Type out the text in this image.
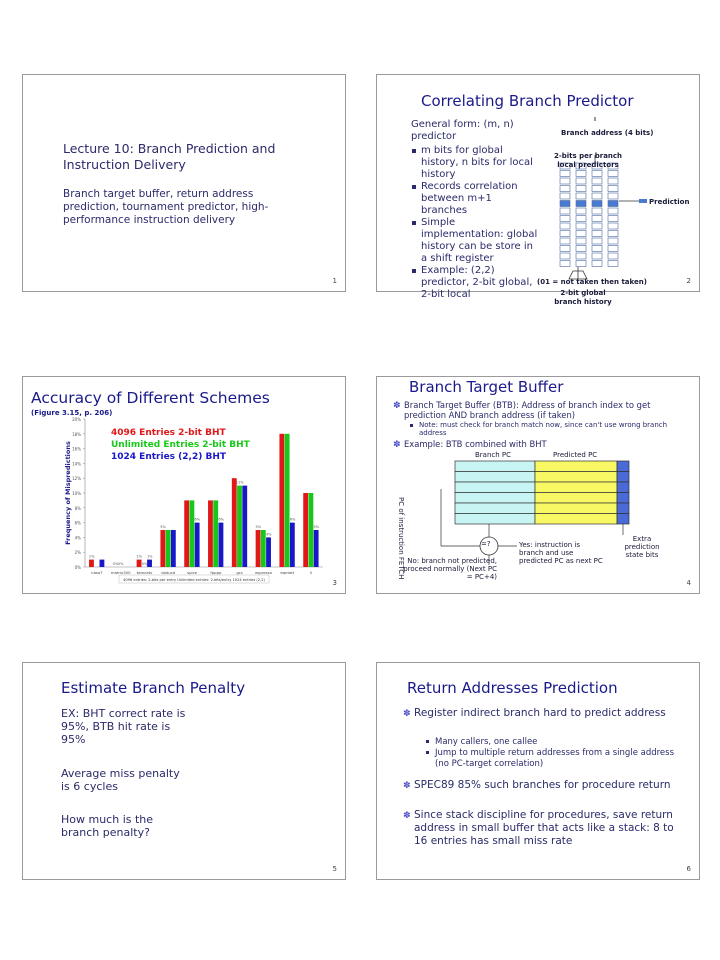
Lecture 10: Branch Prediction and Instruction Delivery
Branch target buffer, return address prediction, tournament predictor, high-performance instruction delivery
1
Correlating Branch Predictor
General form: (m, n) predictor
m bits for global history, n bits for local history
Records correlation between m+1 branches
Simple implementation: global history can be store in a shift register
Example: (2,2) predictor, 2-bit global, 2-bit local
Branch address (4 bits)
2-bits per branch local predictors
Prediction
2-bit global branch history
(01 = not taken then taken)	2
Accuracy of Different Schemes
(Figure 3.15, p. 206)
0%
2%
4%
6%
8%
10%
12%
14%
16%
18%
20%
Frequency of Mispredictions
1%
nasa7
0% 0%
matrix300
1%
0%
1%
tomcatv
5%
doducd
6%
spice
6%
fpppp
11%
gcc
5%
4%
espresso
6%
eqntott
5%
li
4096 Entries 2-bit BHT
Unlimited Entries 2-bit BHT
1024 Entries (2,2) BHT
4096 entries: 2-bits per entry Unlimited entries: 2-bits/entry 1024 entries (2,2)	3
Branch Target Buffer
✽ Branch Target Buffer (BTB): Address of branch index to get prediction AND branch address (if taken)
Note: must check for branch match now, since can't use wrong branch address
✽ Example: BTB combined with BHT
Branch PC	Predicted PC
PC of instruction FETCH	=?	Yes: instruction is branch and use predicted PC as next PC
No: branch not predicted, proceed normally (Next PC = PC+4)
Extra prediction state bits
4
Estimate Branch Penalty
EX: BHT correct rate is 95%, BTB hit rate is 95%
Average miss penalty is 6 cycles
How much is the branch penalty?
5
Return Addresses Prediction
✽ Register indirect branch hard to predict address
Many callers, one callee
Jump to multiple return addresses from a single address (no PC-target correlation)
✽ SPEC89 85% such branches for procedure return
✽ Since stack discipline for procedures, save return address in small buffer that acts like a stack: 8 to 16 entries has small miss rate
6
